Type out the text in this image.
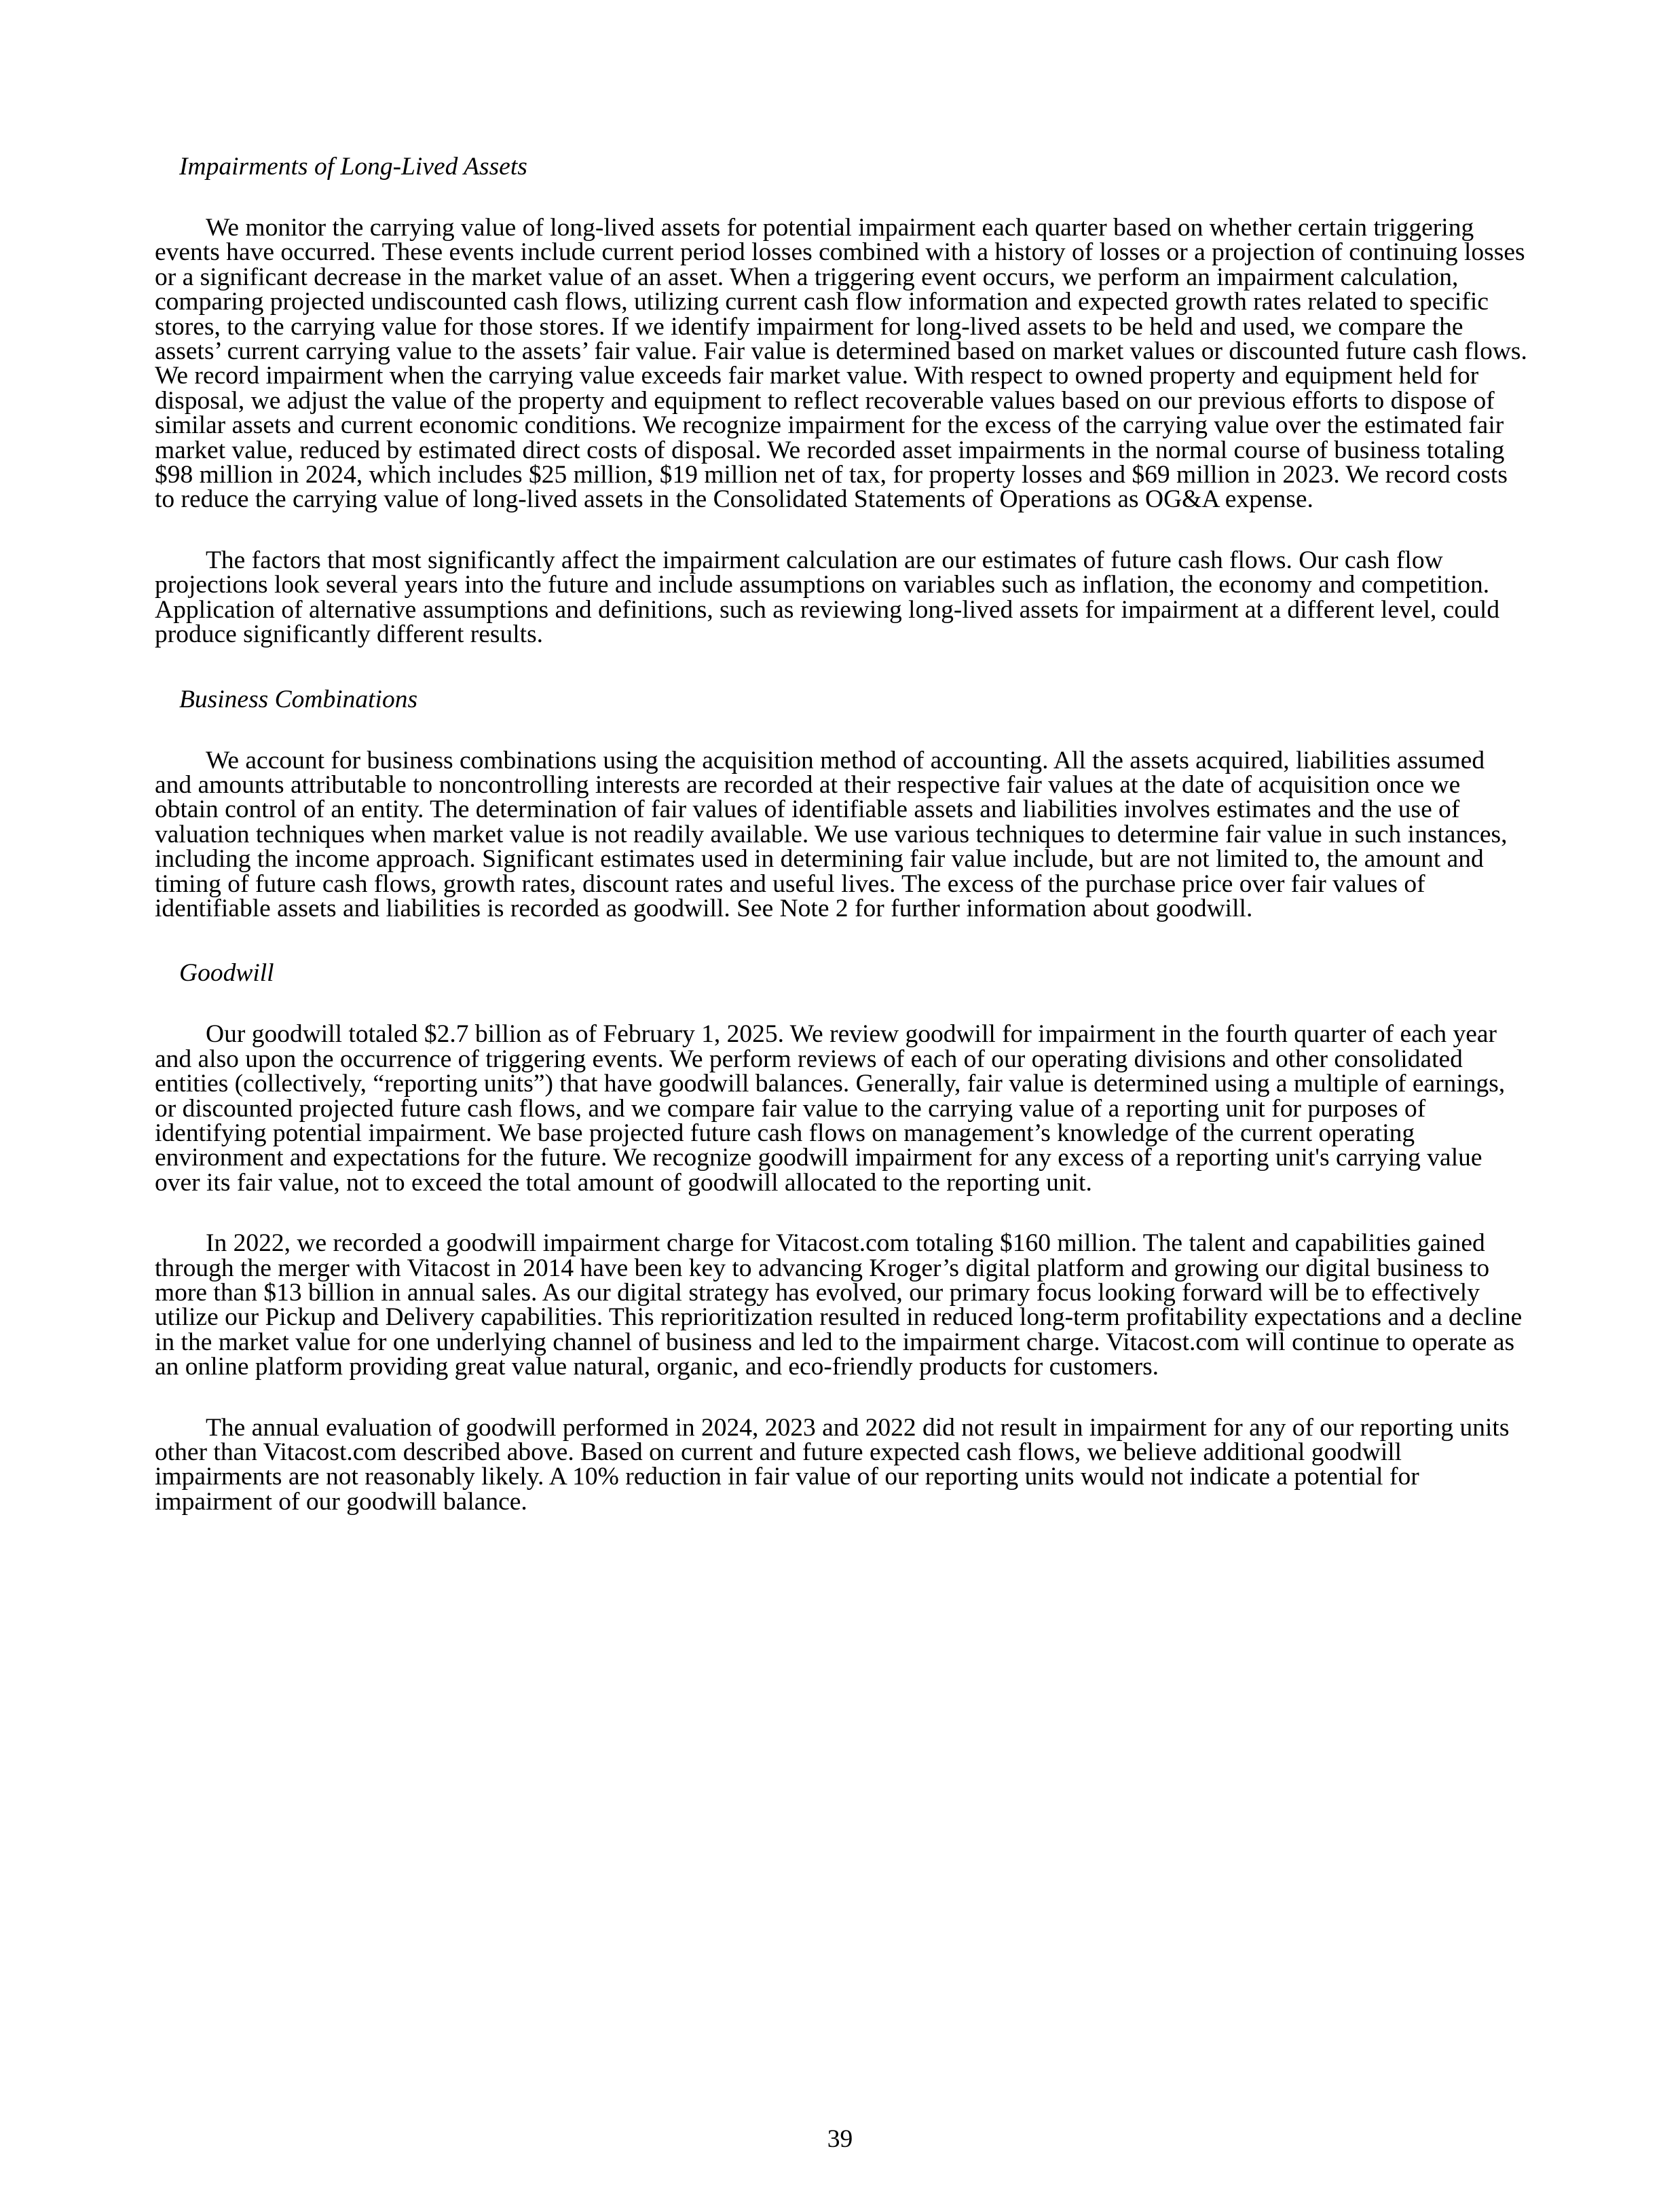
Impairments of Long-Lived Assets

We monitor the carrying value of long-lived assets for potential impairment each quarter based on whether certain triggering events have occurred. These events include current period losses combined with a history of losses or a projection of continuing losses or a significant decrease in the market value of an asset. When a triggering event occurs, we perform an impairment calculation, comparing projected undiscounted cash flows, utilizing current cash flow information and expected growth rates related to specific stores, to the carrying value for those stores. If we identify impairment for long-lived assets to be held and used, we compare the assets’ current carrying value to the assets’ fair value. Fair value is determined based on market values or discounted future cash flows. We record impairment when the carrying value exceeds fair market value. With respect to owned property and equipment held for disposal, we adjust the value of the property and equipment to reflect recoverable values based on our previous efforts to dispose of similar assets and current economic conditions. We recognize impairment for the excess of the carrying value over the estimated fair market value, reduced by estimated direct costs of disposal. We recorded asset impairments in the normal course of business totaling $98 million in 2024, which includes $25 million, $19 million net of tax, for property losses and $69 million in 2023. We record costs to reduce the carrying value of long-lived assets in the Consolidated Statements of Operations as OG&A expense.

The factors that most significantly affect the impairment calculation are our estimates of future cash flows. Our cash flow projections look several years into the future and include assumptions on variables such as inflation, the economy and competition. Application of alternative assumptions and definitions, such as reviewing long-lived assets for impairment at a different level, could produce significantly different results.

Business Combinations

We account for business combinations using the acquisition method of accounting. All the assets acquired, liabilities assumed and amounts attributable to noncontrolling interests are recorded at their respective fair values at the date of acquisition once we obtain control of an entity. The determination of fair values of identifiable assets and liabilities involves estimates and the use of valuation techniques when market value is not readily available. We use various techniques to determine fair value in such instances, including the income approach. Significant estimates used in determining fair value include, but are not limited to, the amount and timing of future cash flows, growth rates, discount rates and useful lives. The excess of the purchase price over fair values of identifiable assets and liabilities is recorded as goodwill. See Note 2 for further information about goodwill.

Goodwill

Our goodwill totaled $2.7 billion as of February 1, 2025. We review goodwill for impairment in the fourth quarter of each year and also upon the occurrence of triggering events. We perform reviews of each of our operating divisions and other consolidated entities (collectively, “reporting units”) that have goodwill balances. Generally, fair value is determined using a multiple of earnings, or discounted projected future cash flows, and we compare fair value to the carrying value of a reporting unit for purposes of identifying potential impairment. We base projected future cash flows on management’s knowledge of the current operating environment and expectations for the future. We recognize goodwill impairment for any excess of a reporting unit's carrying value over its fair value, not to exceed the total amount of goodwill allocated to the reporting unit.

In 2022, we recorded a goodwill impairment charge for Vitacost.com totaling $160 million. The talent and capabilities gained through the merger with Vitacost in 2014 have been key to advancing Kroger’s digital platform and growing our digital business to more than $13 billion in annual sales. As our digital strategy has evolved, our primary focus looking forward will be to effectively utilize our Pickup and Delivery capabilities. This reprioritization resulted in reduced long-term profitability expectations and a decline in the market value for one underlying channel of business and led to the impairment charge. Vitacost.com will continue to operate as an online platform providing great value natural, organic, and eco-friendly products for customers.

The annual evaluation of goodwill performed in 2024, 2023 and 2022 did not result in impairment for any of our reporting units other than Vitacost.com described above. Based on current and future expected cash flows, we believe additional goodwill impairments are not reasonably likely. A 10% reduction in fair value of our reporting units would not indicate a potential for impairment of our goodwill balance.

39
